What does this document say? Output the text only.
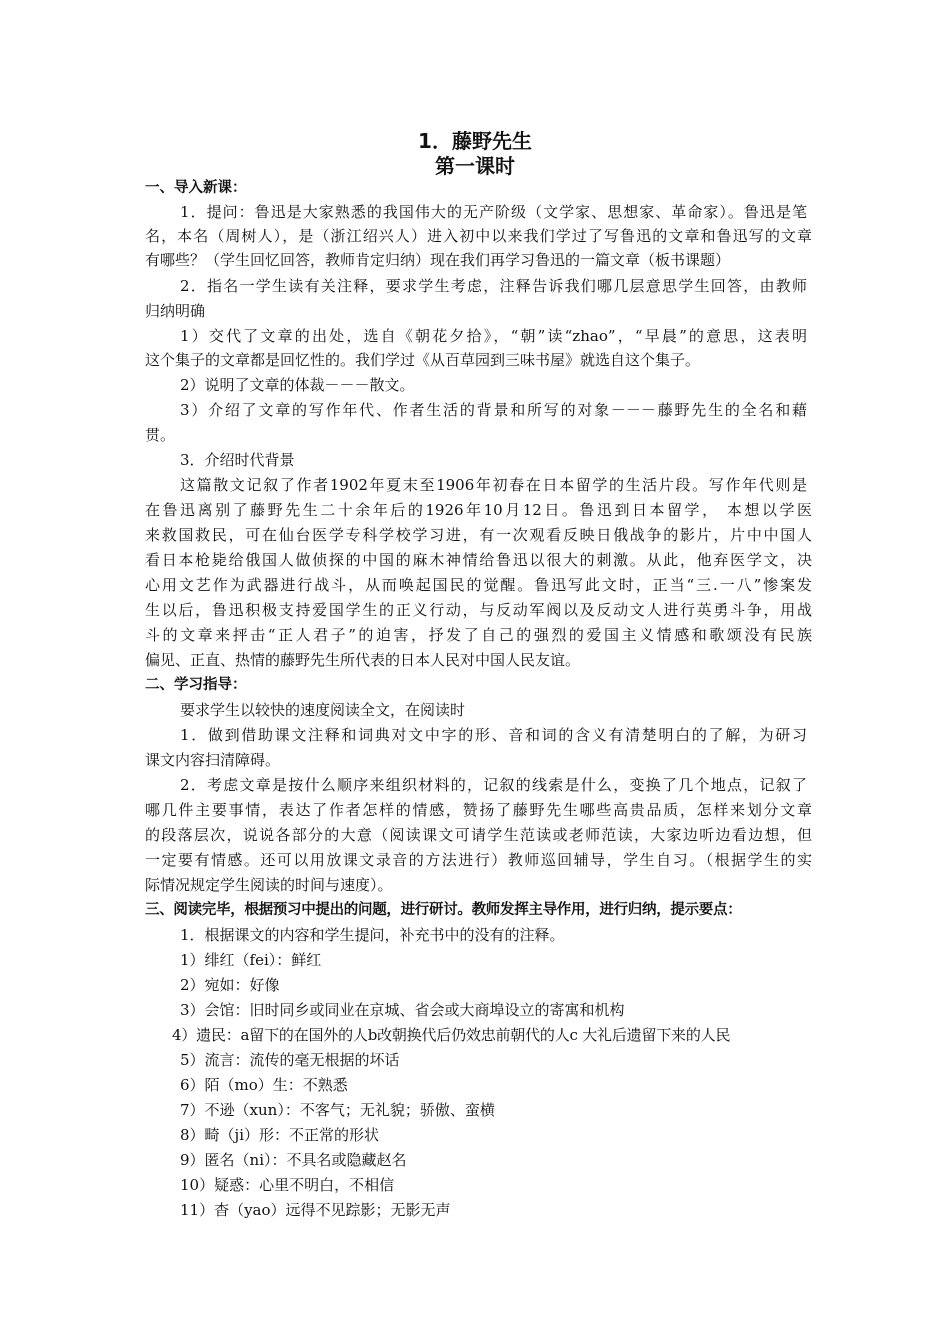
1．藤野先生
第一课时
一、导入新课：
1．提问：鲁迅是大家熟悉的我国伟大的无产阶级（文学家、思想家、革命家）。鲁迅是笔
名，本名（周树人），是（浙江绍兴人）进入初中以来我们学过了写鲁迅的文章和鲁迅写的文章
有哪些？（学生回忆回答，教师肯定归纳）现在我们再学习鲁迅的一篇文章（板书课题）
2．指名一学生读有关注释，要求学生考虑，注释告诉我们哪几层意思学生回答，由教师
归纳明确
1）交代了文章的出处，选自《朝花夕拾》，“朝”读“zhao”，“早晨”的意思，这表明
这个集子的文章都是回忆性的。我们学过《从百草园到三味书屋》就选自这个集子。
2）说明了文章的体裁－－－散文。
3）介绍了文章的写作年代、作者生活的背景和所写的对象－－－藤野先生的全名和藉
贯。
3．介绍时代背景
这篇散文记叙了作者1902年夏末至1906年初春在日本留学的生活片段。写作年代则是
在鲁迅离别了藤野先生二十余年后的1926年10月12日。鲁迅到日本留学， 本想以学医
来救国救民，可在仙台医学专科学校学习进，有一次观看反映日俄战争的影片，片中中国人
看日本枪毙给俄国人做侦探的中国的麻木神情给鲁迅以很大的刺激。从此，他弃医学文，决
心用文艺作为武器进行战斗，从而唤起国民的觉醒。鲁迅写此文时，正当“三.一八”惨案发
生以后，鲁迅积极支持爱国学生的正义行动，与反动军阀以及反动文人进行英勇斗争，用战
斗的文章来抨击“正人君子”的迫害，抒发了自己的强烈的爱国主义情感和歌颂没有民族
偏见、正直、热情的藤野先生所代表的日本人民对中国人民友谊。
二、学习指导：
要求学生以较快的速度阅读全文，在阅读时
1．做到借助课文注释和词典对文中字的形、音和词的含义有清楚明白的了解，为研习
课文内容扫清障碍。
2．考虑文章是按什么顺序来组织材料的，记叙的线索是什么，变换了几个地点，记叙了
哪几件主要事情，表达了作者怎样的情感，赞扬了藤野先生哪些高贵品质，怎样来划分文章
的段落层次，说说各部分的大意（阅读课文可请学生范读或老师范读，大家边听边看边想，但
一定要有情感。还可以用放课文录音的方法进行）教师巡回辅导，学生自习。（根据学生的实
际情况规定学生阅读的时间与速度）。
三、阅读完毕，根据预习中提出的问题，进行研讨。教师发挥主导作用，进行归纳，提示要点：
1．根据课文的内容和学生提问，补充书中的没有的注释。
1）绯红（fei）：鲜红
2）宛如：好像
3）会馆：旧时同乡或同业在京城、省会或大商埠设立的寄寓和机构
4）遗民：a留下的在国外的人b改朝换代后仍效忠前朝代的人c 大礼后遗留下来的人民
5）流言：流传的毫无根据的坏话
6）陌（mo）生：不熟悉
7）不逊（xun）：不客气；无礼貌；骄傲、蛮横
8）畸（ji）形：不正常的形状
9）匿名（ni）：不具名或隐藏赵名
10）疑惑：心里不明白，不相信
11）杳（yao）远得不见踪影；无影无声
